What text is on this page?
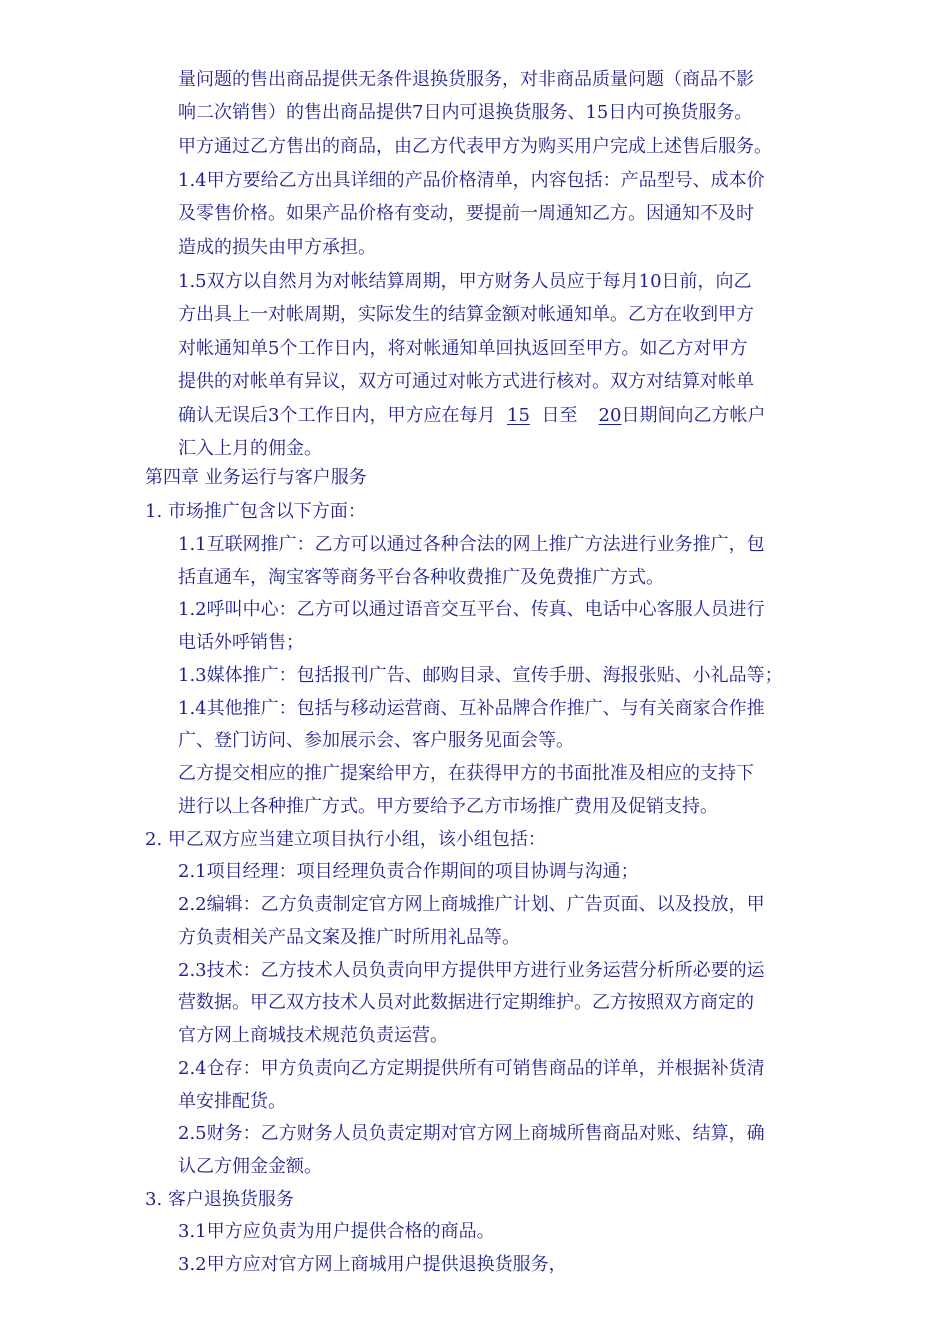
量问题的售出商品提供无条件退换货服务，对非商品质量问题（商品不影
响二次销售）的售出商品提供7日内可退换货服务、15日内可换货服务。
甲方通过乙方售出的商品，由乙方代表甲方为购买用户完成上述售后服务。
1.4甲方要给乙方出具详细的产品价格清单，内容包括：产品型号、成本价
及零售价格。如果产品价格有变动，要提前一周通知乙方。因通知不及时
造成的损失由甲方承担。
1.5双方以自然月为对帐结算周期，甲方财务人员应于每月10日前，向乙
方出具上一对帐周期，实际发生的结算金额对帐通知单。乙方在收到甲方
对帐通知单5个工作日内，将对帐通知单回执返回至甲方。如乙方对甲方
提供的对帐单有异议，双方可通过对帐方式进行核对。双方对结算对帐单
确认无误后3个工作日内，甲方应在每月 15 日至 20日期间向乙方帐户
汇入上月的佣金。
第四章 业务运行与客户服务
1. 市场推广包含以下方面：
1.1互联网推广：乙方可以通过各种合法的网上推广方法进行业务推广，包
括直通车，淘宝客等商务平台各种收费推广及免费推广方式。
1.2呼叫中心：乙方可以通过语音交互平台、传真、电话中心客服人员进行
电话外呼销售；
1.3媒体推广：包括报刊广告、邮购目录、宣传手册、海报张贴、小礼品等；
1.4其他推广：包括与移动运营商、互补品牌合作推广、与有关商家合作推
广、登门访问、参加展示会、客户服务见面会等。
乙方提交相应的推广提案给甲方，在获得甲方的书面批准及相应的支持下
进行以上各种推广方式。甲方要给予乙方市场推广费用及促销支持。
2. 甲乙双方应当建立项目执行小组，该小组包括：
2.1项目经理：项目经理负责合作期间的项目协调与沟通；
2.2编辑：乙方负责制定官方网上商城推广计划、广告页面、以及投放，甲
方负责相关产品文案及推广时所用礼品等。
2.3技术：乙方技术人员负责向甲方提供甲方进行业务运营分析所必要的运
营数据。甲乙双方技术人员对此数据进行定期维护。乙方按照双方商定的
官方网上商城技术规范负责运营。
2.4仓存：甲方负责向乙方定期提供所有可销售商品的详单，并根据补货清
单安排配货。
2.5财务：乙方财务人员负责定期对官方网上商城所售商品对账、结算，确
认乙方佣金金额。
3. 客户退换货服务
3.1甲方应负责为用户提供合格的商品。
3.2甲方应对官方网上商城用户提供退换货服务，
